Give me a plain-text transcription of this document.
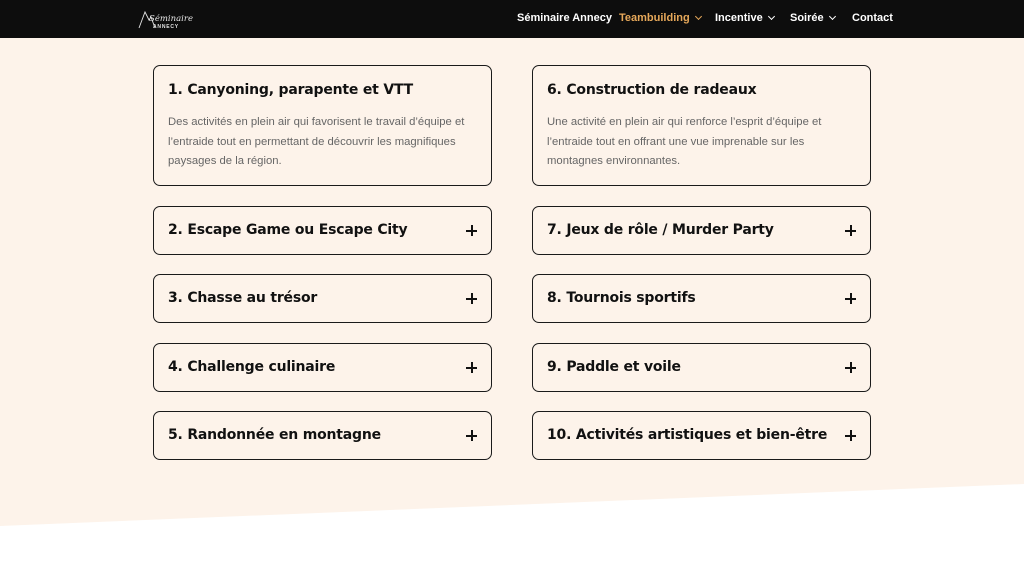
Séminaire
ANNECY
Séminaire Annecy Teambuilding Incentive Soirée	Contact
1. Canyoning, parapente et VTT
Des activités en plein air qui favorisent le travail d’équipe et l’entraide tout en permettant de découvrir les magnifiques paysages de la région.
2. Escape Game ou Escape City
3. Chasse au trésor
4. Challenge culinaire
5. Randonnée en montagne
6. Construction de radeaux
Une activité en plein air qui renforce l’esprit d’équipe et l’entraide tout en offrant une vue imprenable sur les montagnes environnantes.
7. Jeux de rôle / Murder Party
8. Tournois sportifs
9. Paddle et voile
10. Activités artistiques et bien-être
